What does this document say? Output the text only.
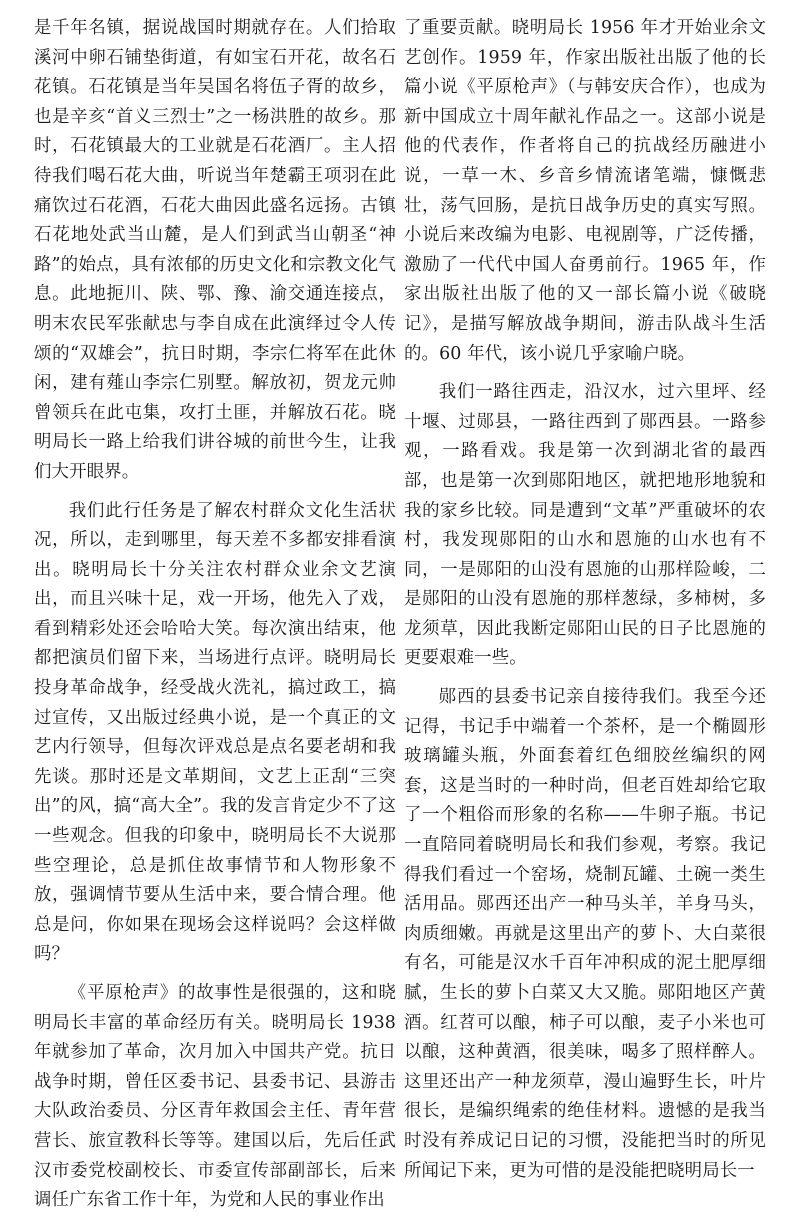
是千年名镇，据说战国时期就存在。人们拾取溪河中卵石铺垫街道，有如宝石开花，故名石花镇。石花镇是当年吴国名将伍子胥的故乡，也是辛亥“首义三烈士”之一杨洪胜的故乡。那时，石花镇最大的工业就是石花酒厂。主人招待我们喝石花大曲，听说当年楚霸王项羽在此痛饮过石花酒，石花大曲因此盛名远扬。古镇石花地处武当山麓，是人们到武当山朝圣“神路”的始点，具有浓郁的历史文化和宗教文化气息。此地扼川、陕、鄂、豫、渝交通连接点，明末农民军张献忠与李自成在此演绎过令人传颂的“双雄会”，抗日时期，李宗仁将军在此休闲，建有薤山李宗仁别墅。解放初，贺龙元帅曾领兵在此屯集，攻打土匪，并解放石花。晓明局长一路上给我们讲谷城的前世今生，让我们大开眼界。

我们此行任务是了解农村群众文化生活状况，所以，走到哪里，每天差不多都安排看演出。晓明局长十分关注农村群众业余文艺演出，而且兴味十足，戏一开场，他先入了戏，看到精彩处还会哈哈大笑。每次演出结束，他都把演员们留下来，当场进行点评。晓明局长投身革命战争，经受战火洗礼，搞过政工，搞过宣传，又出版过经典小说，是一个真正的文艺内行领导，但每次评戏总是点名要老胡和我先谈。那时还是文革期间，文艺上正刮“三突出”的风，搞“高大全”。我的发言肯定少不了这一些观念。但我的印象中，晓明局长不大说那些空理论，总是抓住故事情节和人物形象不放，强调情节要从生活中来，要合情合理。他总是问，你如果在现场会这样说吗？会这样做吗？

《平原枪声》的故事性是很强的，这和晓明局长丰富的革命经历有关。晓明局长 1938 年就参加了革命，次月加入中国共产党。抗日战争时期，曾任区委书记、县委书记、县游击大队政治委员、分区青年救国会主任、青年营营长、旅宣教科长等等。建国以后，先后任武汉市委党校副校长、市委宣传部副部长，后来调任广东省工作十年，为党和人民的事业作出

了重要贡献。晓明局长 1956 年才开始业余文艺创作。1959 年，作家出版社出版了他的长篇小说《平原枪声》（与韩安庆合作），也成为新中国成立十周年献礼作品之一。这部小说是他的代表作，作者将自己的抗战经历融进小说，一草一木、乡音乡情流诸笔端，慷慨悲壮，荡气回肠，是抗日战争历史的真实写照。小说后来改编为电影、电视剧等，广泛传播，激励了一代代中国人奋勇前行。1965 年，作家出版社出版了他的又一部长篇小说《破晓记》，是描写解放战争期间，游击队战斗生活的。60 年代，该小说几乎家喻户晓。

我们一路往西走，沿汉水，过六里坪、经十堰、过郧县，一路往西到了郧西县。一路参观，一路看戏。我是第一次到湖北省的最西部，也是第一次到郧阳地区，就把地形地貌和我的家乡比较。同是遭到“文革”严重破坏的农村，我发现郧阳的山水和恩施的山水也有不同，一是郧阳的山没有恩施的山那样险峻，二是郧阳的山没有恩施的那样葱绿，多柿树，多龙须草，因此我断定郧阳山民的日子比恩施的更要艰难一些。

郧西的县委书记亲自接待我们。我至今还记得，书记手中端着一个茶杯，是一个椭圆形玻璃罐头瓶，外面套着红色细胶丝编织的网套，这是当时的一种时尚，但老百姓却给它取了一个粗俗而形象的名称——牛卵子瓶。书记一直陪同着晓明局长和我们参观，考察。我记得我们看过一个窑场，烧制瓦罐、土碗一类生活用品。郧西还出产一种马头羊，羊身马头，肉质细嫩。再就是这里出产的萝卜、大白菜很有名，可能是汉水千百年冲积成的泥土肥厚细腻，生长的萝卜白菜又大又脆。郧阳地区产黄酒。红苕可以酿，柿子可以酿，麦子小米也可以酿，这种黄酒，很美味，喝多了照样醉人。这里还出产一种龙须草，漫山遍野生长，叶片很长，是编织绳索的绝佳材料。遗憾的是我当时没有养成记日记的习惯，没能把当时的所见所闻记下来，更为可惜的是没能把晓明局长一
